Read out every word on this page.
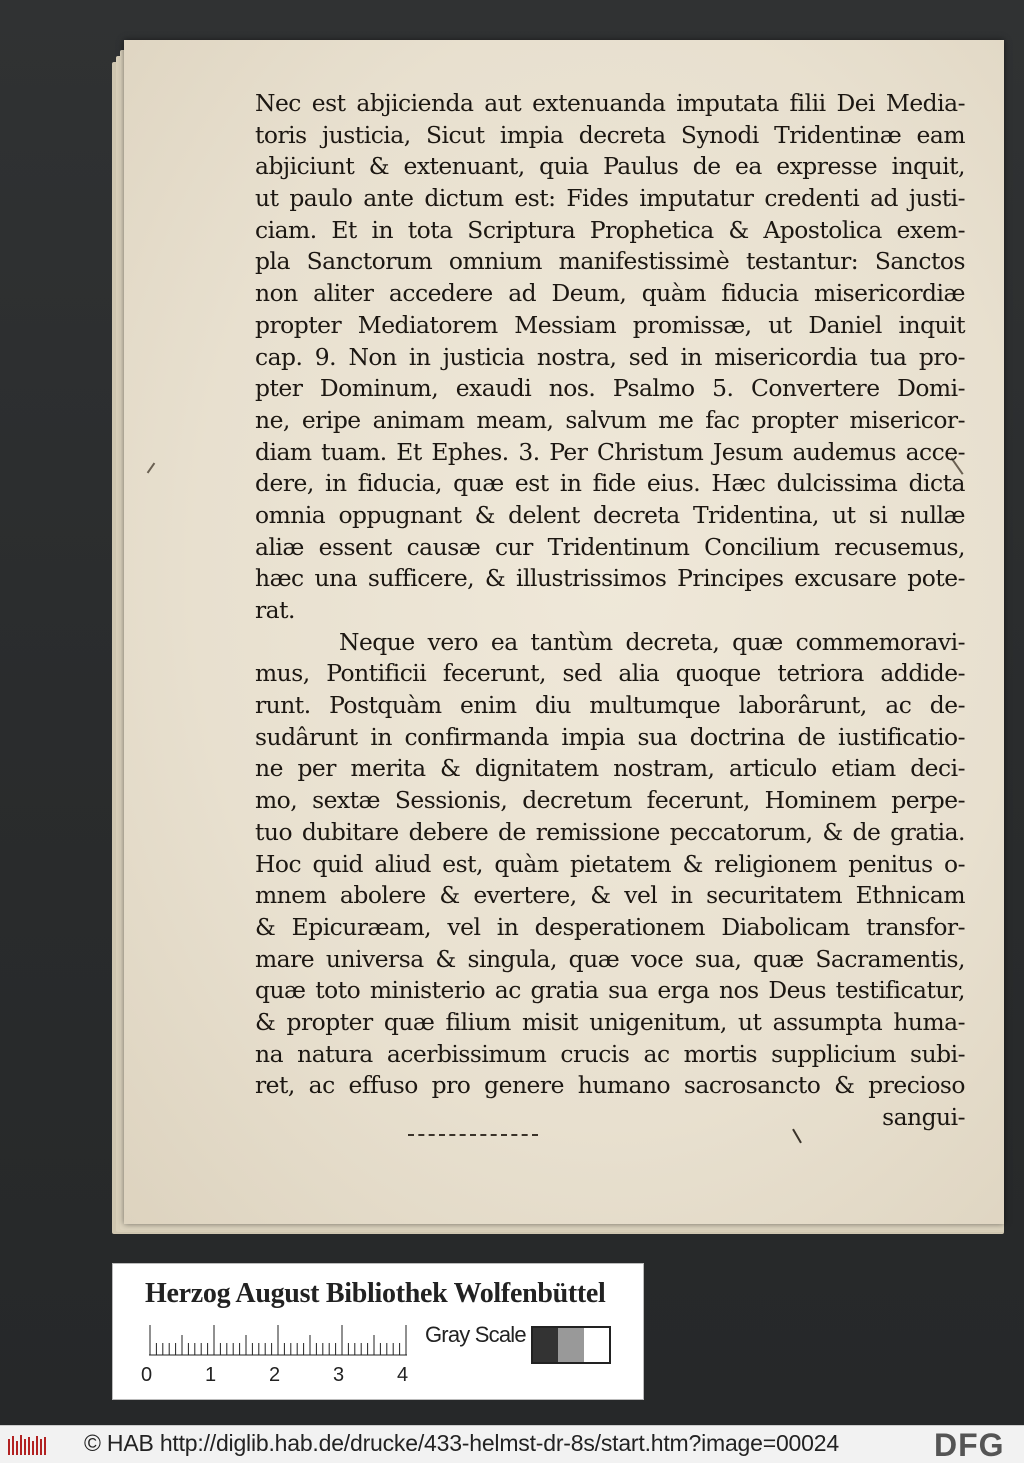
Nec est abjicienda aut extenuanda imputata filii Dei Media-
toris justicia, Sicut impia decreta Synodi Tridentinæ eam
abjiciunt & extenuant, quia Paulus de ea expresse inquit,
ut paulo ante dictum est: Fides imputatur credenti ad justi-
ciam. Et in tota Scriptura Prophetica & Apostolica exem-
pla Sanctorum omnium manifestissimè testantur: Sanctos
non aliter accedere ad Deum, quàm fiducia misericordiæ
propter Mediatorem Messiam promissæ, ut Daniel inquit
cap. 9. Non in justicia nostra, sed in misericordia tua pro-
pter Dominum, exaudi nos. Psalmo 5. Convertere Domi-
ne, eripe animam meam, salvum me fac propter misericor-
diam tuam. Et Ephes. 3. Per Christum Jesum audemus acce-
dere, in fiducia, quæ est in fide eius. Hæc dulcissima dicta
omnia oppugnant & delent decreta Tridentina, ut si nullæ
aliæ essent causæ cur Tridentinum Concilium recusemus,
hæc una sufficere, & illustrissimos Principes excusare pote-
rat.
Neque vero ea tantùm decreta, quæ commemoravi-
mus, Pontificii fecerunt, sed alia quoque tetriora addide-
runt. Postquàm enim diu multumque laborârunt, ac de-
sudârunt in confirmanda impia sua doctrina de iustificatio-
ne per merita & dignitatem nostram, articulo etiam deci-
mo, sextæ Sessionis, decretum fecerunt, Hominem perpe-
tuo dubitare debere de remissione peccatorum, & de gratia.
Hoc quid aliud est, quàm pietatem & religionem penitus o-
mnem abolere & evertere, & vel in securitatem Ethnicam
& Epicuræam, vel in desperationem Diabolicam transfor-
mare universa & singula, quæ voce sua, quæ Sacramentis,
quæ toto ministerio ac gratia sua erga nos Deus testificatur,
& propter quæ filium misit unigenitum, ut assumpta huma-
na natura acerbissimum crucis ac mortis supplicium subi-
ret, ac effuso pro genere humano sacrosancto & precioso
sangui-
Herzog August Bibliothek Wolfenbüttel
0	1	2	3	4
Gray Scale
© HAB http://diglib.hab.de/drucke/433-helmst-dr-8s/start.htm?image=00024	DFG
